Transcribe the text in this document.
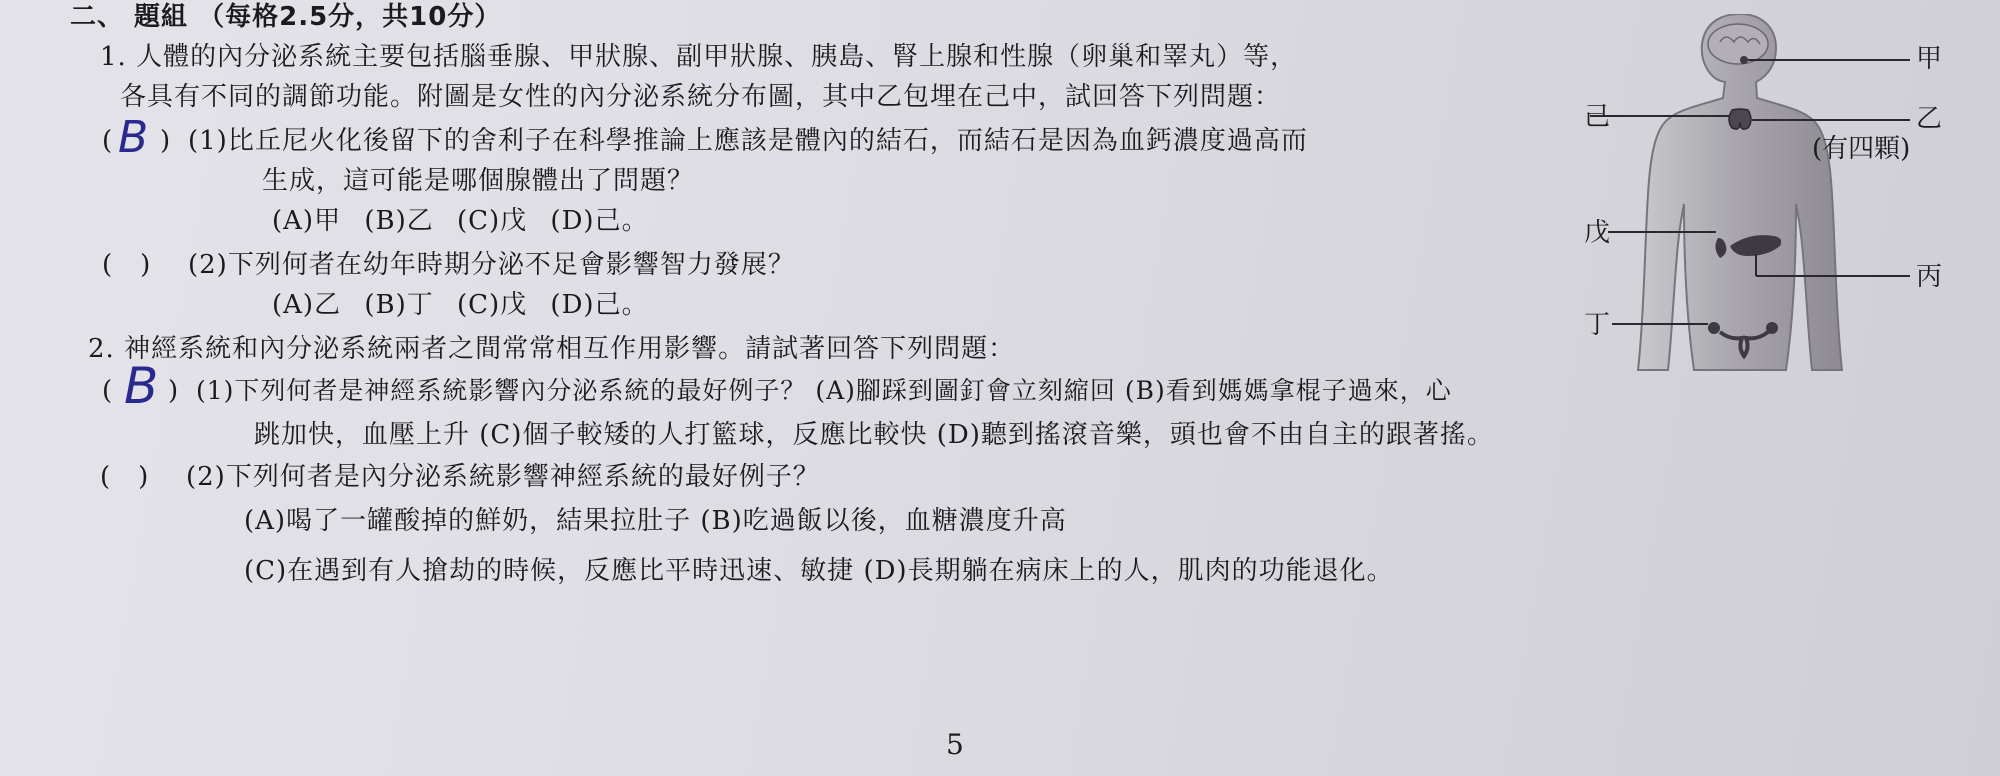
二、 題組 （每格2.5分，共10分）
1. 人體的內分泌系統主要包括腦垂腺、甲狀腺、副甲狀腺、胰島、腎上腺和性腺（卵巢和睪丸）等，
各具有不同的調節功能。附圖是女性的內分泌系統分布圖，其中乙包埋在己中，試回答下列問題：
( B ) (1)比丘尼火化後留下的舍利子在科學推論上應該是體內的結石，而結石是因為血鈣濃度過高而
生成，這可能是哪個腺體出了問題？
(A)甲 (B)乙 (C)戊 (D)己。
(　) (2)下列何者在幼年時期分泌不足會影響智力發展？
(A)乙 (B)丁 (C)戊 (D)己。
2. 神經系統和內分泌系統兩者之間常常相互作用影響。請試著回答下列問題：
( B ) (1)下列何者是神經系統影響內分泌系統的最好例子？ (A)腳踩到圖釘會立刻縮回 (B)看到媽媽拿棍子過來，心
跳加快，血壓上升 (C)個子較矮的人打籃球，反應比較快 (D)聽到搖滾音樂，頭也會不由自主的跟著搖。
(　) (2)下列何者是內分泌系統影響神經系統的最好例子？
(A)喝了一罐酸掉的鮮奶，結果拉肚子 (B)吃過飯以後，血糖濃度升高
(C)在遇到有人搶劫的時候，反應比平時迅速、敏捷 (D)長期躺在病床上的人，肌肉的功能退化。
甲
己	乙
(有四顆)
戊
丙
丁
5
